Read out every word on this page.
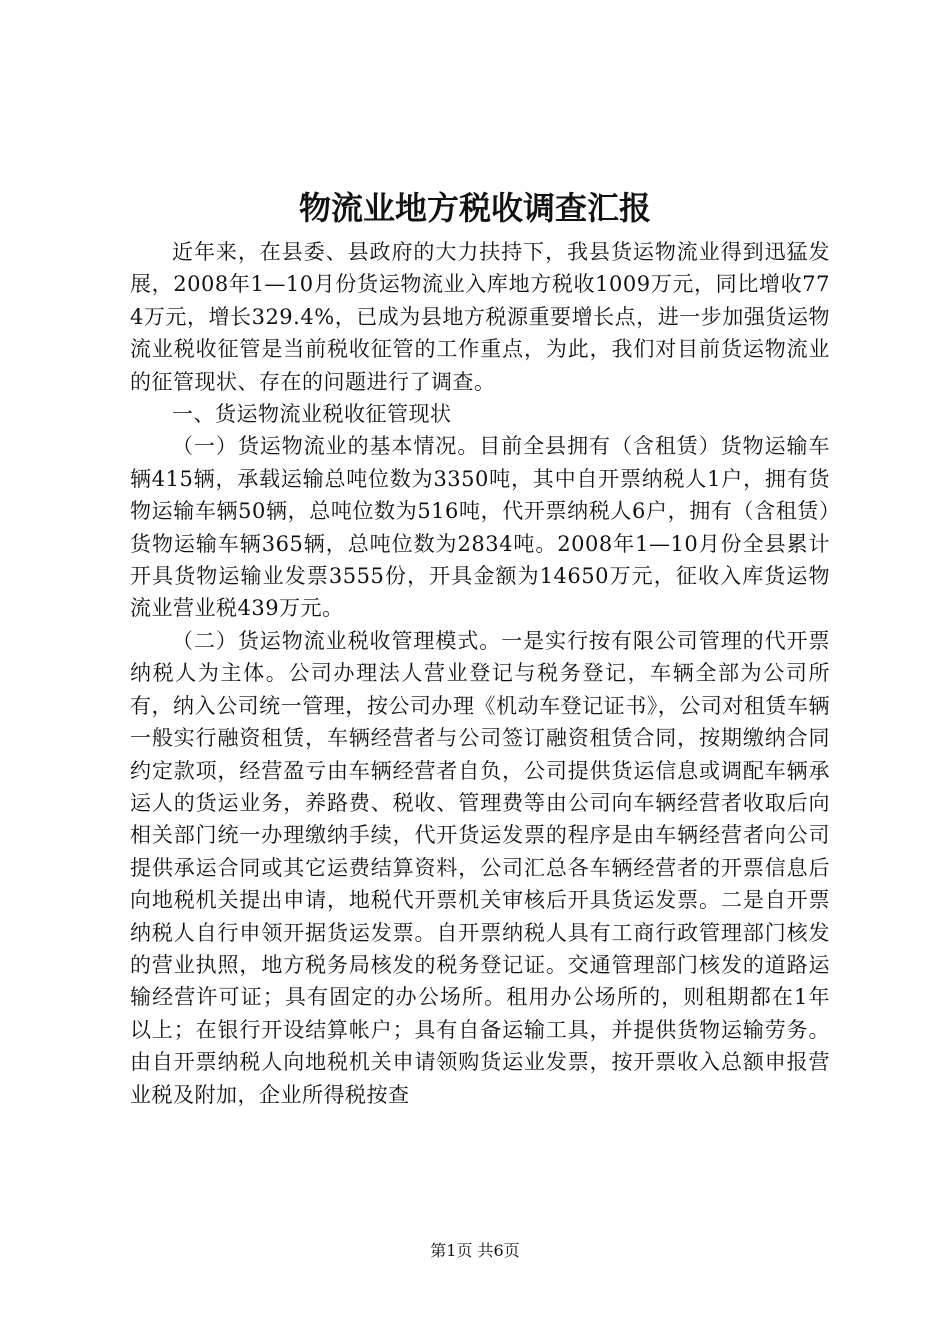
物流业地方税收调查汇报

近年来，在县委、县政府的大力扶持下，我县货运物流业得到迅猛发展，2008年1—10月份货运物流业入库地方税收1009万元，同比增收774万元，增长329.4%，已成为县地方税源重要增长点，进一步加强货运物流业税收征管是当前税收征管的工作重点，为此，我们对目前货运物流业的征管现状、存在的问题进行了调查。

一、货运物流业税收征管现状

（一）货运物流业的基本情况。目前全县拥有（含租赁）货物运输车辆415辆，承载运输总吨位数为3350吨，其中自开票纳税人1户，拥有货物运输车辆50辆，总吨位数为516吨，代开票纳税人6户，拥有（含租赁）货物运输车辆365辆，总吨位数为2834吨。2008年1—10月份全县累计开具货物运输业发票3555份，开具金额为14650万元，征收入库货运物流业营业税439万元。

（二）货运物流业税收管理模式。一是实行按有限公司管理的代开票纳税人为主体。公司办理法人营业登记与税务登记，车辆全部为公司所有，纳入公司统一管理，按公司办理《机动车登记证书》，公司对租赁车辆一般实行融资租赁，车辆经营者与公司签订融资租赁合同，按期缴纳合同约定款项，经营盈亏由车辆经营者自负，公司提供货运信息或调配车辆承运人的货运业务，养路费、税收、管理费等由公司向车辆经营者收取后向相关部门统一办理缴纳手续，代开货运发票的程序是由车辆经营者向公司提供承运合同或其它运费结算资料，公司汇总各车辆经营者的开票信息后向地税机关提出申请，地税代开票机关审核后开具货运发票。二是自开票纳税人自行申领开据货运发票。自开票纳税人具有工商行政管理部门核发的营业执照，地方税务局核发的税务登记证。交通管理部门核发的道路运输经营许可证；具有固定的办公场所。租用办公场所的，则租期都在1年以上；在银行开设结算帐户；具有自备运输工具，并提供货物运输劳务。由自开票纳税人向地税机关申请领购货运业发票，按开票收入总额申报营业税及附加，企业所得税按查

第1页 共6页
